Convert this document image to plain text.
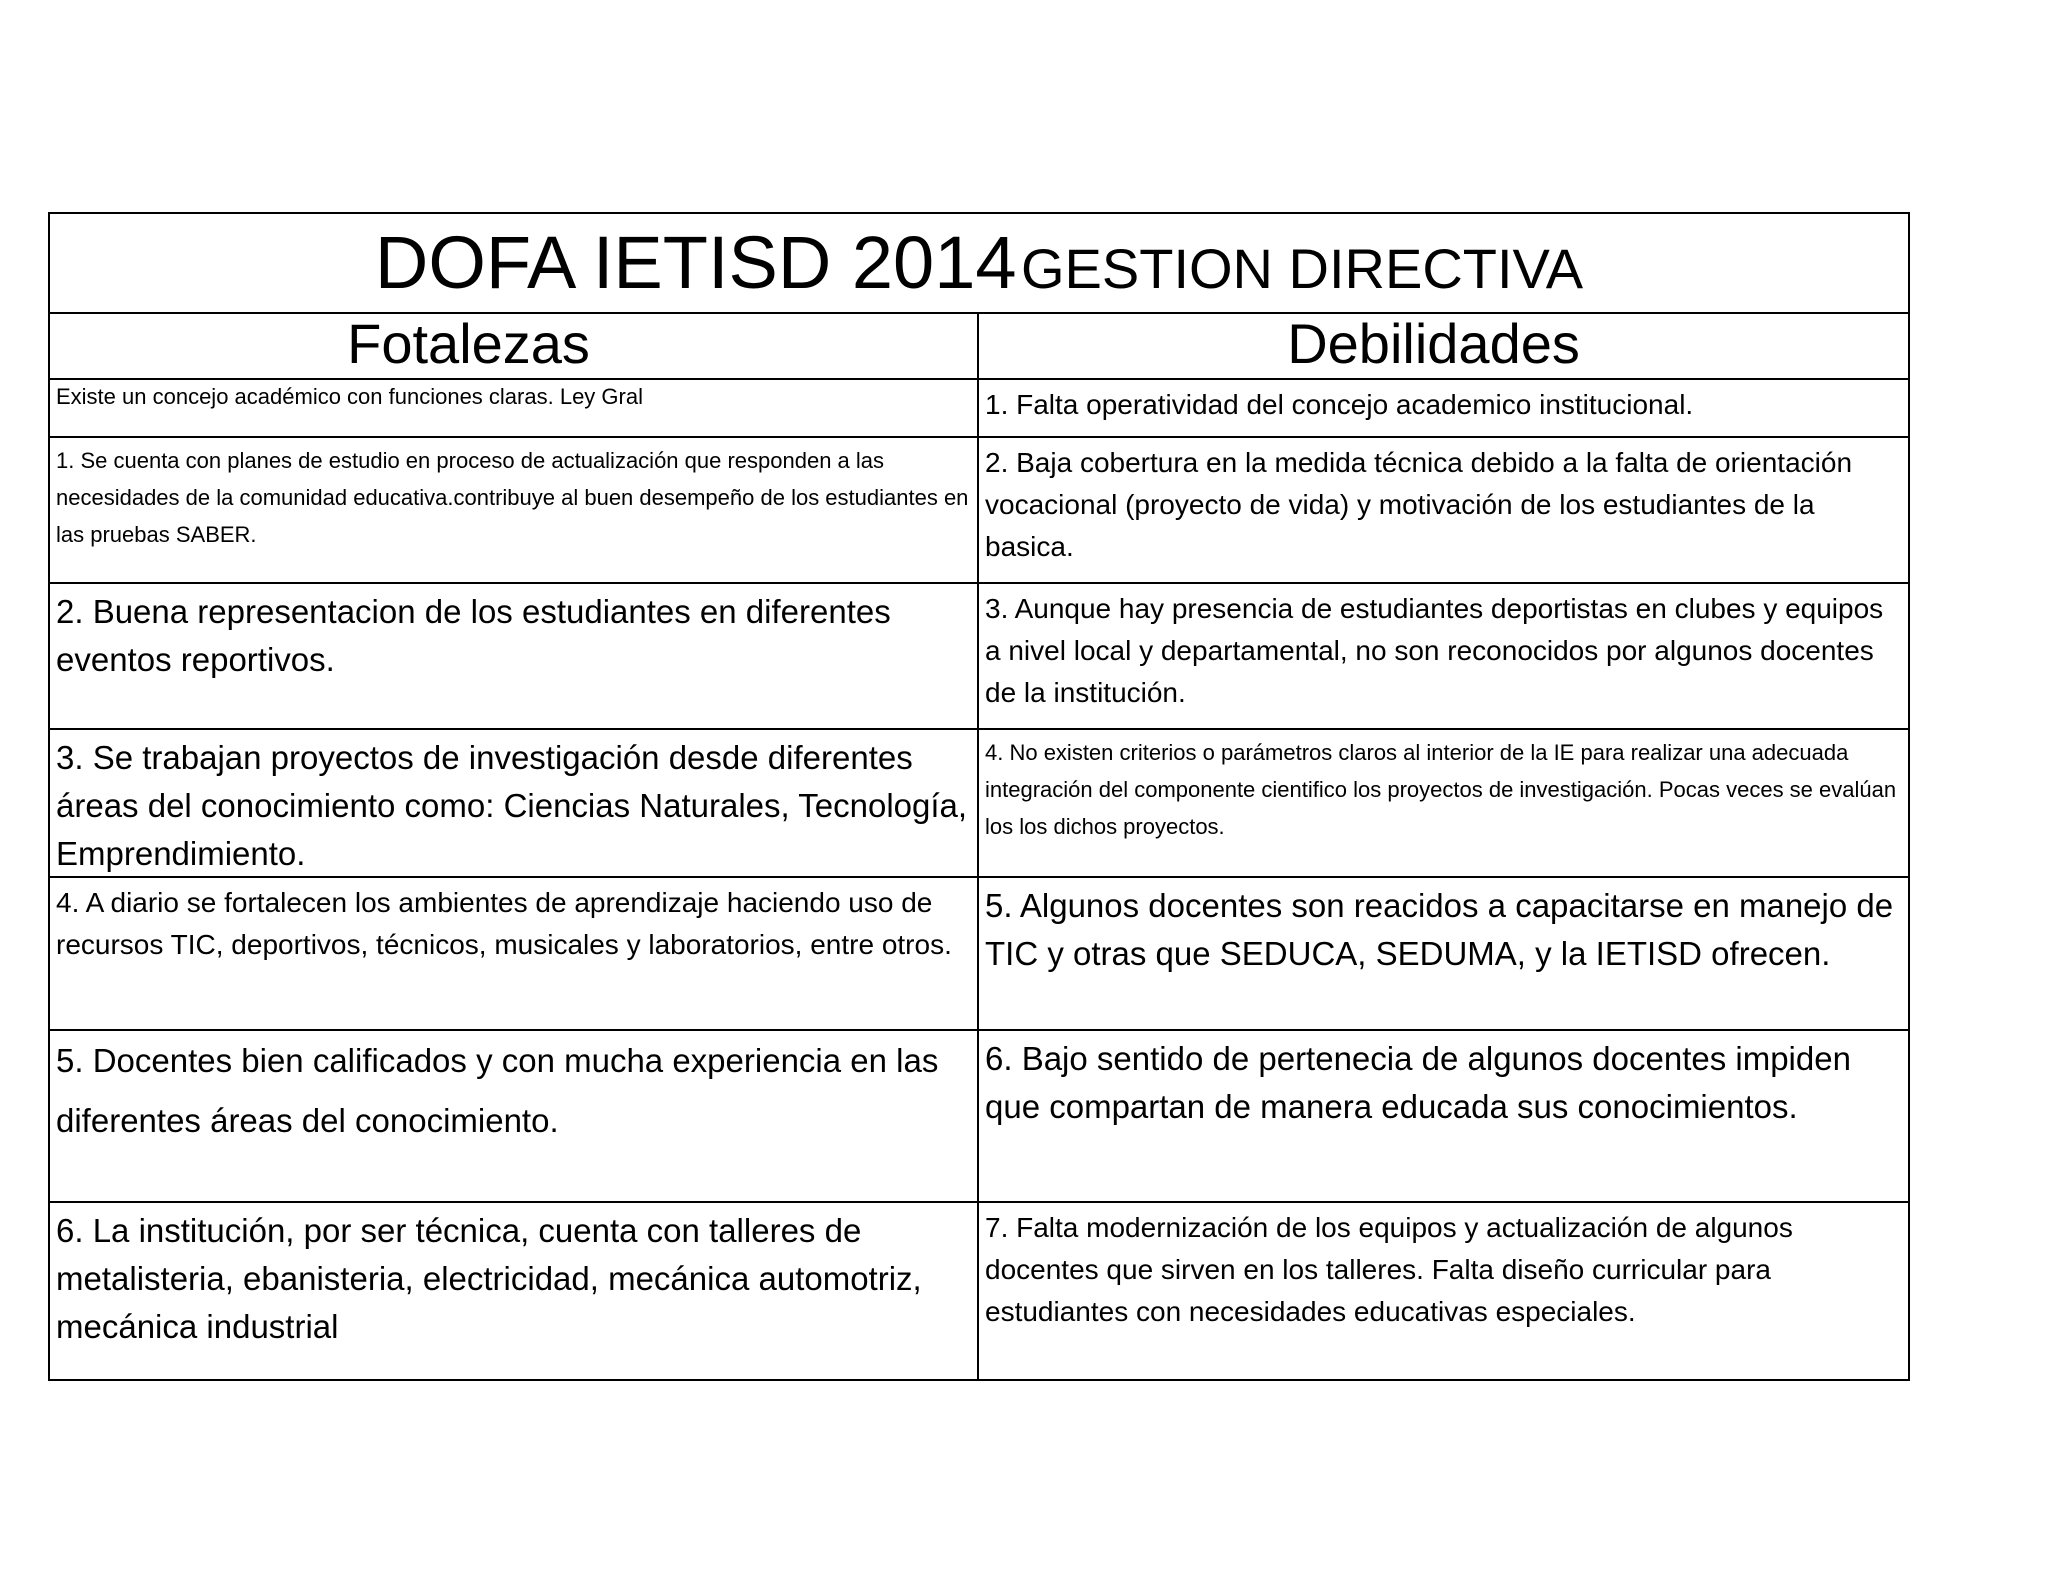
DOFA IETISD 2014 GESTION DIRECTIVA
Fotalezas	Debilidades
Existe un concejo académico con funciones claras. Ley Gral	1. Falta operatividad del concejo academico institucional.
1. Se cuenta con planes de estudio en proceso de actualización que responden a las necesidades de la comunidad educativa.contribuye al buen desempeño de los estudiantes en las pruebas SABER.
2. Baja cobertura en la medida técnica debido a la falta de orientación vocacional (proyecto de vida) y motivación de los estudiantes de la basica.
2. Buena representacion de los estudiantes en diferentes eventos reportivos.
3. Aunque hay presencia de estudiantes deportistas en clubes y equipos a nivel local y departamental, no son reconocidos por algunos docentes de la institución.
3. Se trabajan proyectos de investigación desde diferentes áreas del conocimiento como: Ciencias Naturales, Tecnología, Emprendimiento.
4. No existen criterios o parámetros claros al interior de la IE para realizar una adecuada integración del componente cientifico los proyectos de investigación. Pocas veces se evalúan los los dichos proyectos.
4. A diario se fortalecen los ambientes de aprendizaje haciendo uso de recursos TIC, deportivos, técnicos, musicales y laboratorios, entre otros.
5. Algunos docentes son reacidos a capacitarse en manejo de TIC y otras que SEDUCA, SEDUMA, y la IETISD ofrecen.
5. Docentes bien calificados y con mucha experiencia en las diferentes áreas del conocimiento.
6. Bajo sentido de pertenecia de algunos docentes impiden que compartan de manera educada sus conocimientos.
6. La institución, por ser técnica, cuenta con talleres de metalisteria, ebanisteria, electricidad, mecánica automotriz, mecánica industrial
7. Falta modernización de los equipos y actualización de algunos docentes que sirven en los talleres. Falta diseño curricular para estudiantes con necesidades educativas especiales.
